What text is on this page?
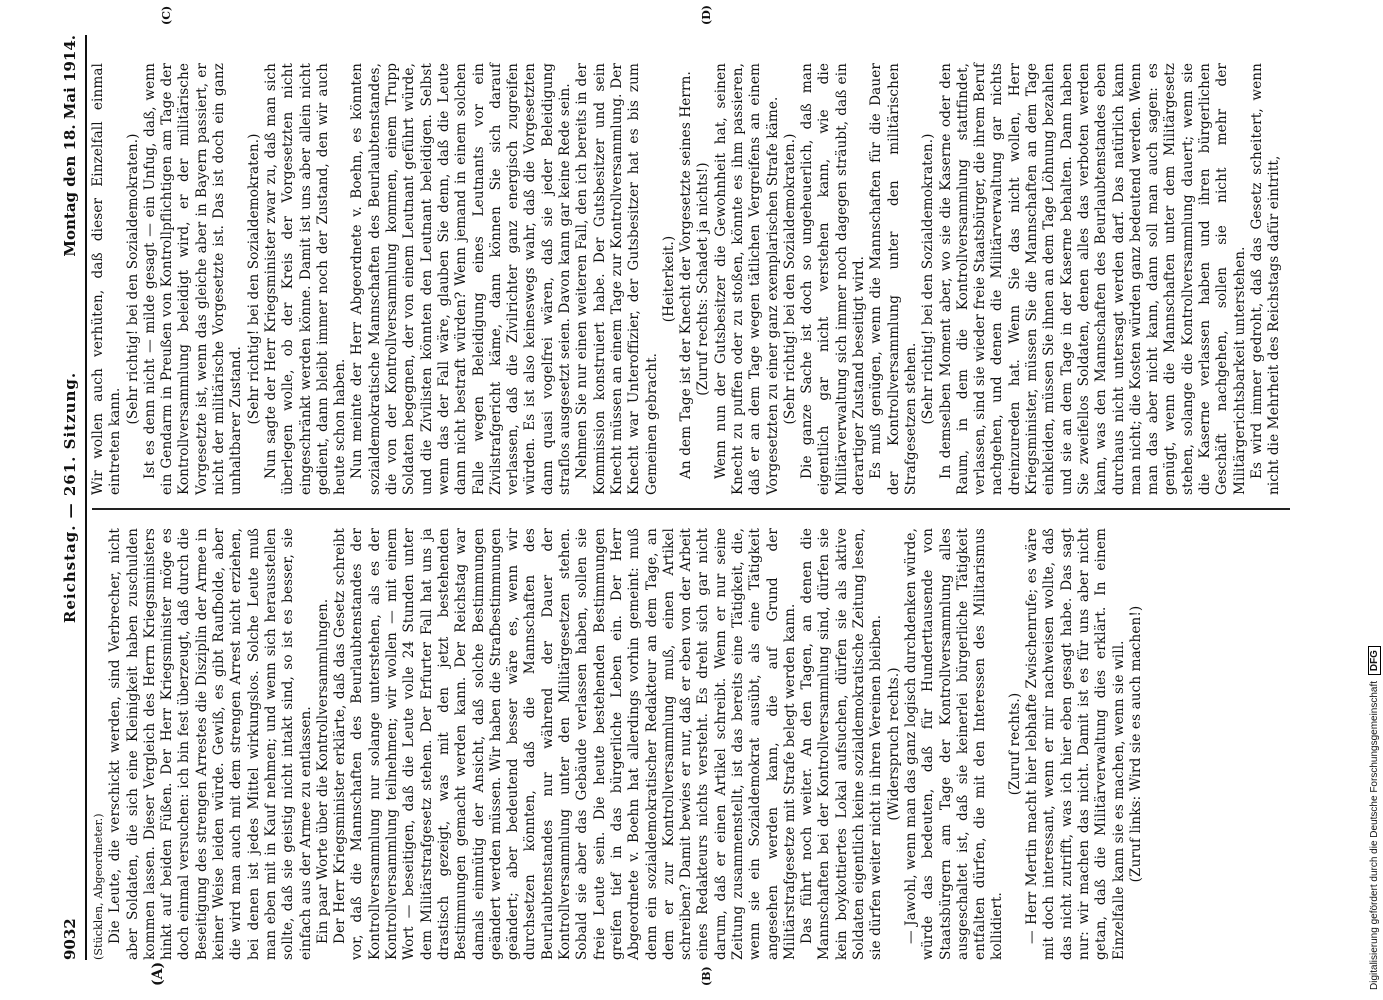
9032
Reichstag. — 261. Sitzung.
Montag den 18. Mai 1914.
(A)	(B)
(C)	(D)

(Stücklen, Abgeordneter.) Die Leute, die verschickt werden, sind Verbrecher, nicht aber Soldaten, die sich eine Kleinigkeit haben zuschulden kommen lassen. Dieser Vergleich des Herrn Kriegsministers hinkt auf beiden Füßen. Der Herr Kriegsminister möge es doch einmal versuchen: ich bin fest überzeugt, daß durch die Beseitigung des strengen Arrestes die Disziplin der Armee in keiner Weise leiden würde. Gewiß, es gibt Raufbolde, aber die wird man auch mit dem strengen Arrest nicht erziehen, bei denen ist jedes Mittel wirkungslos. Solche Leute muß man eben mit in Kauf nehmen; und wenn sich herausstellen sollte, daß sie geistig nicht intakt sind, so ist es besser, sie einfach aus der Armee zu entlassen. Ein paar Worte über die Kontrollversammlungen. Der Herr Kriegsminister erklärte, daß das Gesetz schreibt vor, daß die Mannschaften des Beurlaubtenstandes der Kontrollversammlung nur solange unterstehen, als es der Kontrollversammlung teilnehmen; wir wollen — mit einem Wort — beseitigen, daß die Leute volle 24 Stunden unter dem Militärstrafgesetz stehen. Der Erfurter Fall hat uns ja drastisch gezeigt, was mit den jetzt bestehenden Bestimmungen gemacht werden kann. Der Reichstag war damals einmütig der Ansicht, daß solche Bestimmungen geändert werden müssen. Wir haben die Strafbestimmungen geändert; aber bedeutend besser wäre es, wenn wir durchsetzen könnten, daß die Mannschaften des Beurlaubtenstandes nur während der Dauer der Kontrollversammlung unter den Militärgesetzen stehen. Sobald sie aber das Gebäude verlassen haben, sollen sie freie Leute sein. Die heute bestehenden Bestimmungen greifen tief in das bürgerliche Leben ein. Der Herr Abgeordnete v. Boehn hat allerdings vorhin gemeint: muß denn ein sozialdemokratischer Redakteur an dem Tage, an dem er zur Kontrollversammlung muß, einen Artikel schreiben? Damit bewies er nur, daß er eben von der Arbeit eines Redakteurs nichts versteht. Es dreht sich gar nicht darum, daß er einen Artikel schreibt. Wenn er nur seine Zeitung zusammenstellt, ist das bereits eine Tätigkeit, die, wenn sie ein Sozialdemokrat ausübt, als eine Tätigkeit angesehen werden kann, die auf Grund der Militärstrafgesetze mit Strafe belegt werden kann. Das führt noch weiter. An den Tagen, an denen die Mannschaften bei der Kontrollversammlung sind, dürfen sie kein boykottiertes Lokal aufsuchen, dürfen sie als aktive Soldaten eigentlich keine sozialdemokratische Zeitung lesen, sie dürfen weiter nicht in ihren Vereinen bleiben. (Widerspruch rechts.) — Jawohl, wenn man das ganz logisch durchdenken würde, würde das bedeuten, daß für Hunderttausende von Staatsbürgern am Tage der Kontrollversammlung alles ausgeschaltet ist, daß sie keinerlei bürgerliche Tätigkeit entfalten dürfen, die mit den Interessen des Militarismus kollidiert.

(Zuruf rechts.) — Herr Mertin macht hier lebhafte Zwischenrufe; es wäre mit doch interessant, wenn er mir nachweisen wollte, daß das nicht zutrifft, was ich hier eben gesagt habe. Das sagt nur: wir machen das nicht. Damit ist es für uns aber nicht getan, daß die Militärverwaltung dies erklärt. In einem Einzelfalle kann sie es machen, wenn sie will. (Zuruf links: Wird sie es auch machen!)

Wir wollen auch verhüten, daß dieser Einzelfall einmal eintreten kann.

(Sehr richtig! bei den Sozialdemokraten.) Ist es denn nicht — milde gesagt — ein Unfug, daß, wenn ein Gendarm in Preußen von Kontrollpflichtigen am Tage der Kontrollversammlung beleidigt wird, er der militärische Vorgesetzte ist, wenn das gleiche aber in Bayern passiert, er nicht der militärische Vorgesetzte ist. Das ist doch ein ganz unhaltbarer Zustand. (Sehr richtig! bei den Sozialdemokraten.) Nun sagte der Herr Kriegsminister zwar zu, daß man sich überlegen wolle, ob der Kreis der Vorgesetzten nicht eingeschränkt werden könne. Damit ist uns aber allein nicht gedient, dann bleibt immer noch der Zustand, den wir auch heute schon haben. Nun meinte der Herr Abgeordnete v. Boehn, es könnten sozialdemokratische Mannschaften des Beurlaubtenstandes, die von der Kontrollversammlung kommen, einem Trupp Soldaten begegnen, der von einem Leutnant geführt würde, und die Zivilisten könnten den Leutnant beleidigen. Selbst wenn das der Fall wäre, glauben Sie denn, daß die Leute dann nicht bestraft würden? Wenn jemand in einem solchen Falle wegen Beleidigung eines Leutnants vor ein Zivilstrafgericht käme, dann können Sie sich darauf verlassen, daß die Zivilrichter ganz energisch zugreifen würden. Es ist also keineswegs wahr, daß die Vorgesetzten dann quasi vogelfrei wären, daß sie jeder Beleidigung straflos ausgesetzt seien. Davon kann gar keine Rede sein. Nehmen Sie nur einen weiteren Fall, den ich bereits in der Kommission konstruiert habe. Der Gutsbesitzer und sein Knecht müssen an einem Tage zur Kontrollversammlung. Der Knecht war Unteroffizier, der Gutsbesitzer hat es bis zum Gemeinen gebracht.

(Heiterkeit.) An dem Tage ist der Knecht der Vorgesetzte seines Herrn. (Zuruf rechts: Schadet ja nichts!) Wenn nun der Gutsbesitzer die Gewohnheit hat, seinen Knecht zu puffen oder zu stoßen, könnte es ihm passieren, daß er an dem Tage wegen tätlichen Vergreifens an einem Vorgesetzten zu einer ganz exemplarischen Strafe käme. (Sehr richtig! bei den Sozialdemokraten.) Die ganze Sache ist doch so ungeheuerlich, daß man eigentlich gar nicht verstehen kann, wie die Militärverwaltung sich immer noch dagegen sträubt, daß ein derartiger Zustand beseitigt wird. Es muß genügen, wenn die Mannschaften für die Dauer der Kontrollversammlung unter den militärischen Strafgesetzen stehen. (Sehr richtig! bei den Sozialdemokraten.) In demselben Moment aber, wo sie die Kaserne oder den Raum, in dem die Kontrollversammlung stattfindet, verlassen, sind sie wieder freie Staatsbürger, die ihrem Beruf nachgehen, und denen die Militärverwaltung gar nichts dreinzureden hat. Wenn Sie das nicht wollen, Herr Kriegsminister, müssen Sie die Mannschaften an dem Tage einkleiden, müssen Sie ihnen an dem Tage Löhnung bezahlen und sie an dem Tage in der Kaserne behalten. Dann haben Sie zweifellos Soldaten, denen alles das verboten werden kann, was den Mannschaften des Beurlaubtenstandes eben durchaus nicht untersagt werden darf. Das natürlich kann man nicht; die Kosten würden ganz bedeutend werden. Wenn man das aber nicht kann, dann soll man auch sagen: es genügt, wenn die Mannschaften unter dem Militärgesetz stehen, solange die Kontrollversammlung dauert; wenn sie die Kaserne verlassen haben und ihren bürgerlichen Geschäft nachgehen, sollen sie nicht mehr der Militärgerichtsbarkeit unterstehen. Es wird immer gedroht, daß das Gesetz scheitert, wenn nicht die Mehrheit des Reichstags dafür eintritt,

Digitalisierung gefördert durch die Deutsche Forschungsgemeinschaft DFG
